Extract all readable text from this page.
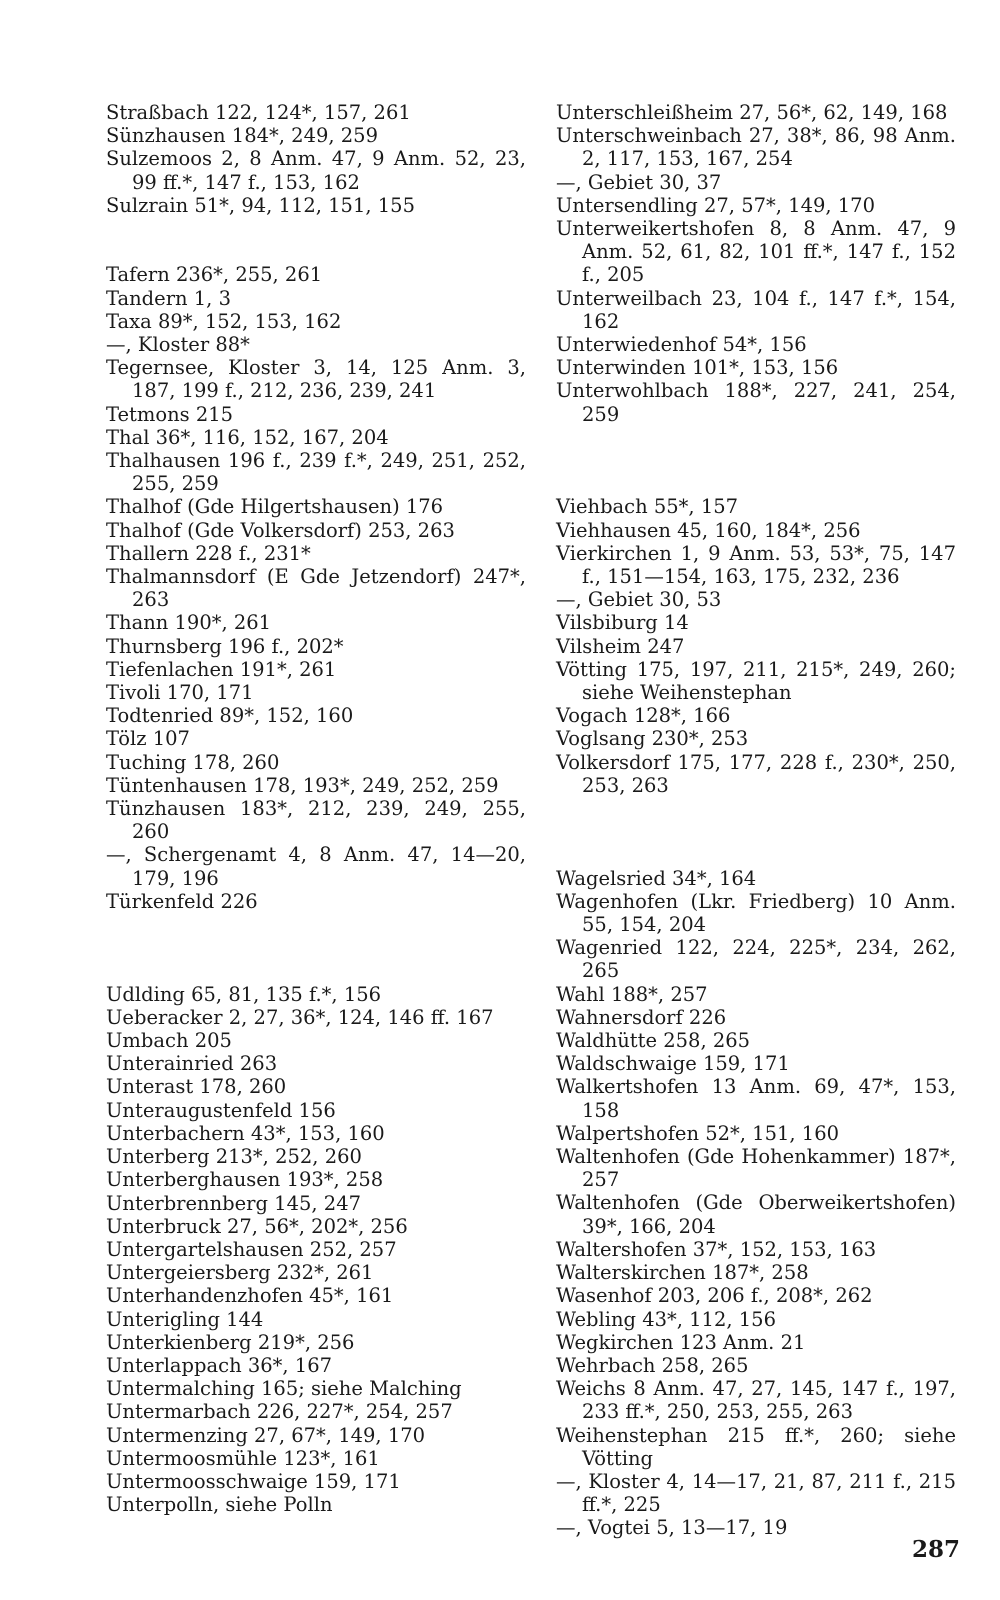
Straßbach 122, 124*, 157, 261
Sünzhausen 184*, 249, 259
Sulzemoos 2, 8 Anm. 47, 9 Anm. 52, 23, 99 ff.*, 147 f., 153, 162
Sulzrain 51*, 94, 112, 151, 155
Tafern 236*, 255, 261
Tandern 1, 3
Taxa 89*, 152, 153, 162
—, Kloster 88*
Tegernsee, Kloster 3, 14, 125 Anm. 3, 187, 199 f., 212, 236, 239, 241
Tetmons 215
Thal 36*, 116, 152, 167, 204
Thalhausen 196 f., 239 f.*, 249, 251, 252, 255, 259
Thalhof (Gde Hilgertshausen) 176
Thalhof (Gde Volkersdorf) 253, 263
Thallern 228 f., 231*
Thalmannsdorf (E Gde Jetzendorf) 247*, 263
Thann 190*, 261
Thurnsberg 196 f., 202*
Tiefenlachen 191*, 261
Tivoli 170, 171
Todtenried 89*, 152, 160
Tölz 107
Tuching 178, 260
Tüntenhausen 178, 193*, 249, 252, 259
Tünzhausen 183*, 212, 239, 249, 255, 260
—, Schergenamt 4, 8 Anm. 47, 14—20, 179, 196
Türkenfeld 226
Udlding 65, 81, 135 f.*, 156
Ueberacker 2, 27, 36*, 124, 146 ff. 167
Umbach 205
Unterainried 263
Unterast 178, 260
Unteraugustenfeld 156
Unterbachern 43*, 153, 160
Unterberg 213*, 252, 260
Unterberghausen 193*, 258
Unterbrennberg 145, 247
Unterbruck 27, 56*, 202*, 256
Untergartelshausen 252, 257
Untergeiersberg 232*, 261
Unterhandenzhofen 45*, 161
Unterigling 144
Unterkienberg 219*, 256
Unterlappach 36*, 167
Untermalching 165; siehe Malching
Untermarbach 226, 227*, 254, 257
Untermenzing 27, 67*, 149, 170
Untermoosmühle 123*, 161
Untermoosschwaige 159, 171
Unterpolln, siehe Polln
Unterschleißheim 27, 56*, 62, 149, 168
Unterschweinbach 27, 38*, 86, 98 Anm. 2, 117, 153, 167, 254
—, Gebiet 30, 37
Untersendling 27, 57*, 149, 170
Unterweikertshofen 8, 8 Anm. 47, 9 Anm. 52, 61, 82, 101 ff.*, 147 f., 152 f., 205
Unterweilbach 23, 104 f., 147 f.*, 154, 162
Unterwiedenhof 54*, 156
Unterwinden 101*, 153, 156
Unterwohlbach 188*, 227, 241, 254, 259
Viehbach 55*, 157
Viehhausen 45, 160, 184*, 256
Vierkirchen 1, 9 Anm. 53, 53*, 75, 147 f., 151—154, 163, 175, 232, 236
—, Gebiet 30, 53
Vilsbiburg 14
Vilsheim 247
Vötting 175, 197, 211, 215*, 249, 260; siehe Weihenstephan
Vogach 128*, 166
Voglsang 230*, 253
Volkersdorf 175, 177, 228 f., 230*, 250, 253, 263
Wagelsried 34*, 164
Wagenhofen (Lkr. Friedberg) 10 Anm. 55, 154, 204
Wagenried 122, 224, 225*, 234, 262, 265
Wahl 188*, 257
Wahnersdorf 226
Waldhütte 258, 265
Waldschwaige 159, 171
Walkertshofen 13 Anm. 69, 47*, 153, 158
Walpertshofen 52*, 151, 160
Waltenhofen (Gde Hohenkammer) 187*, 257
Waltenhofen (Gde Oberweikertshofen) 39*, 166, 204
Waltershofen 37*, 152, 153, 163
Walterskirchen 187*, 258
Wasenhof 203, 206 f., 208*, 262
Webling 43*, 112, 156
Wegkirchen 123 Anm. 21
Wehrbach 258, 265
Weichs 8 Anm. 47, 27, 145, 147 f., 197, 233 ff.*, 250, 253, 255, 263
Weihenstephan 215 ff.*, 260; siehe Vötting
—, Kloster 4, 14—17, 21, 87, 211 f., 215 ff.*, 225
—, Vogtei 5, 13—17, 19
287
